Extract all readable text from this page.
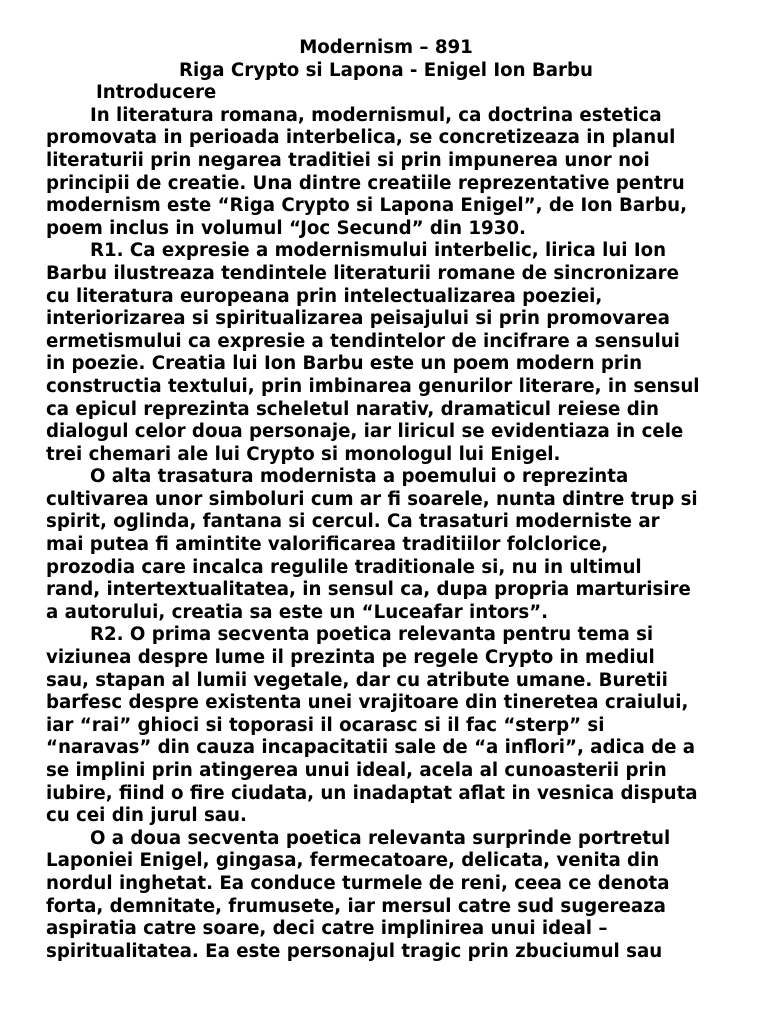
Modernism – 891
Riga Crypto si Lapona - Enigel Ion Barbu
Introducere
In literatura romana, modernismul, ca doctrina estetica
promovata in perioada interbelica, se concretizeaza in planul
literaturii prin negarea traditiei si prin impunerea unor noi
principii de creatie. Una dintre creatiile reprezentative pentru
modernism este “Riga Crypto si Lapona Enigel”, de Ion Barbu,
poem inclus in volumul “Joc Secund” din 1930.
R1. Ca expresie a modernismului interbelic, lirica lui Ion
Barbu ilustreaza tendintele literaturii romane de sincronizare
cu literatura europeana prin intelectualizarea poeziei,
interiorizarea si spiritualizarea peisajului si prin promovarea
ermetismului ca expresie a tendintelor de incifrare a sensului
in poezie. Creatia lui Ion Barbu este un poem modern prin
constructia textului, prin imbinarea genurilor literare, in sensul
ca epicul reprezinta scheletul narativ, dramaticul reiese din
dialogul celor doua personaje, iar liricul se evidentiaza in cele
trei chemari ale lui Crypto si monologul lui Enigel.
O alta trasatura modernista a poemului o reprezinta
cultivarea unor simboluri cum ar fi soarele, nunta dintre trup si
spirit, oglinda, fantana si cercul. Ca trasaturi moderniste ar
mai putea fi amintite valorificarea traditiilor folclorice,
prozodia care incalca regulile traditionale si, nu in ultimul
rand, intertextualitatea, in sensul ca, dupa propria marturisire
a autorului, creatia sa este un “Luceafar intors”.
R2. O prima secventa poetica relevanta pentru tema si
viziunea despre lume il prezinta pe regele Crypto in mediul
sau, stapan al lumii vegetale, dar cu atribute umane. Buretii
barfesc despre existenta unei vrajitoare din tineretea craiului,
iar “rai” ghioci si toporasi il ocarasc si il fac “sterp” si
“naravas” din cauza incapacitatii sale de “a inflori”, adica de a
se implini prin atingerea unui ideal, acela al cunoasterii prin
iubire, fiind o fire ciudata, un inadaptat aflat in vesnica disputa
cu cei din jurul sau.
O a doua secventa poetica relevanta surprinde portretul
Laponiei Enigel, gingasa, fermecatoare, delicata, venita din
nordul inghetat. Ea conduce turmele de reni, ceea ce denota
forta, demnitate, frumusete, iar mersul catre sud sugereaza
aspiratia catre soare, deci catre implinirea unui ideal –
spiritualitatea. Ea este personajul tragic prin zbuciumul sau
